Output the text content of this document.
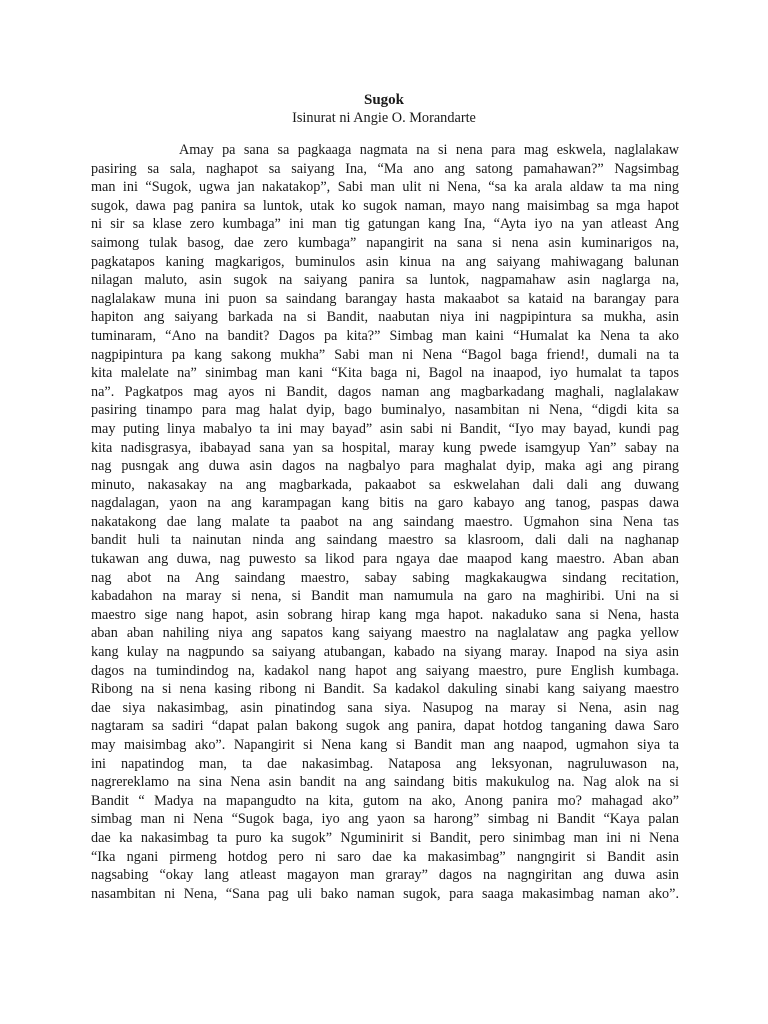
Sugok

Isinurat ni Angie O. Morandarte

Amay pa sana sa pagkaaga nagmata na si nena para mag eskwela, naglalakaw
pasiring sa sala, naghapot sa saiyang Ina, “Ma ano ang satong pamahawan?” Nagsimbag
man ini “Sugok, ugwa jan nakatakop”, Sabi man ulit ni Nena, “sa ka arala aldaw ta ma ning
sugok, dawa pag panira sa luntok, utak ko sugok naman, mayo nang maisimbag sa mga hapot
ni sir sa klase zero kumbaga” ini man tig gatungan kang Ina, “Ayta iyo na yan atleast Ang
saimong tulak basog, dae zero kumbaga” napangirit na sana si nena asin kuminarigos na,
pagkatapos kaning magkarigos, buminulos asin kinua na ang saiyang mahiwagang balunan
nilagan maluto, asin sugok na saiyang panira sa luntok, nagpamahaw asin naglarga na,
naglalakaw muna ini puon sa saindang barangay hasta makaabot sa kataid na barangay para
hapiton ang saiyang barkada na si Bandit, naabutan niya ini nagpipintura sa mukha, asin
tuminaram, “Ano na bandit? Dagos pa kita?” Simbag man kaini “Humalat ka Nena ta ako
nagpipintura pa kang sakong mukha” Sabi man ni Nena “Bagol baga friend!, dumali na ta
kita malelate na” sinimbag man kani “Kita baga ni, Bagol na inaapod, iyo humalat ta tapos
na”. Pagkatpos mag ayos ni Bandit, dagos naman ang magbarkadang maghali, naglalakaw
pasiring tinampo para mag halat dyip, bago buminalyo, nasambitan ni Nena, “digdi kita sa
may puting linya mabalyo ta ini may bayad” asin sabi ni Bandit, “Iyo may bayad, kundi pag
kita nadisgrasya, ibabayad sana yan sa hospital, maray kung pwede isamgyup Yan” sabay na
nag pusngak ang duwa asin dagos na nagbalyo para maghalat dyip, maka agi ang pirang
minuto, nakasakay na ang magbarkada, pakaabot sa eskwelahan dali dali ang duwang
nagdalagan, yaon na ang karampagan kang bitis na garo kabayo ang tanog, paspas dawa
nakatakong dae lang malate ta paabot na ang saindang maestro. Ugmahon sina Nena tas
bandit huli ta nainutan ninda ang saindang maestro sa klasroom, dali dali na naghanap
tukawan ang duwa, nag puwesto sa likod para ngaya dae maapod kang maestro. Aban aban
nag abot na Ang saindang maestro, sabay sabing magkakaugwa sindang recitation,
kabadahon na maray si nena, si Bandit man namumula na garo na maghiribi. Uni na si
maestro sige nang hapot, asin sobrang hirap kang mga hapot. nakaduko sana si Nena, hasta
aban aban nahiling niya ang sapatos kang saiyang maestro na naglalataw ang pagka yellow
kang kulay na nagpundo sa saiyang atubangan, kabado na siyang maray. Inapod na siya asin
dagos na tumindindog na, kadakol nang hapot ang saiyang maestro, pure English kumbaga.
Ribong na si nena kasing ribong ni Bandit. Sa kadakol dakuling sinabi kang saiyang maestro
dae siya nakasimbag, asin pinatindog sana siya. Nasupog na maray si Nena, asin nag
nagtaram sa sadiri “dapat palan bakong sugok ang panira, dapat hotdog tanganing dawa Saro
may maisimbag ako”. Napangirit si Nena kang si Bandit man ang naapod, ugmahon siya ta
ini napatindog man, ta dae nakasimbag. Nataposa ang leksyonan, nagruluwason na,
nagrereklamo na sina Nena asin bandit na ang saindang bitis makukulog na. Nag alok na si
Bandit “ Madya na mapangudto na kita, gutom na ako, Anong panira mo? mahagad ako”
simbag man ni Nena “Sugok baga, iyo ang yaon sa harong” simbag ni Bandit “Kaya palan
dae ka nakasimbag ta puro ka sugok” Nguminirit si Bandit, pero sinimbag man ini ni Nena
“Ika ngani pirmeng hotdog pero ni saro dae ka makasimbag” nangngirit si Bandit asin
nagsabing “okay lang atleast magayon man graray” dagos na nagngiritan ang duwa asin
nasambitan ni Nena, “Sana pag uli bako naman sugok, para saaga makasimbag naman ako”.
